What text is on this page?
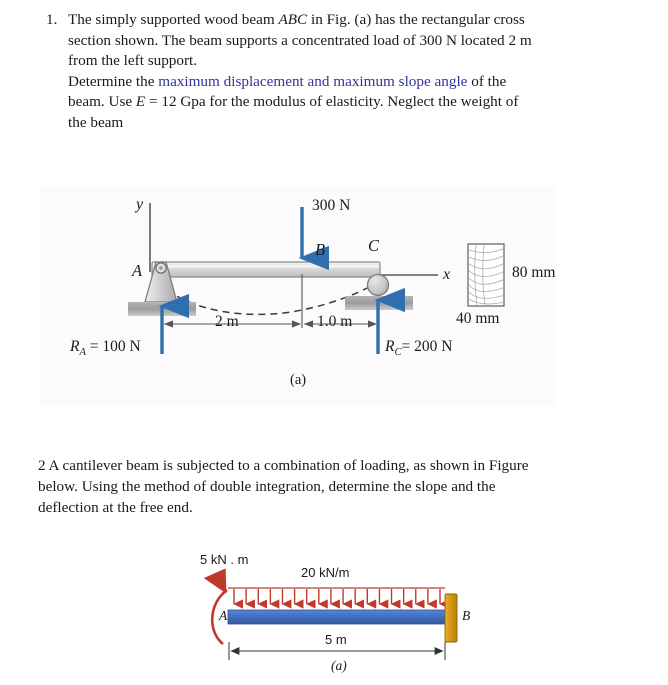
1. The simply supported wood beam ABC in Fig. (a) has the rectangular cross

section shown. The beam supports a concentrated load of 300 N located 2 m

from the left support.

Determine the maximum displacement and maximum slope angle of the

beam. Use E = 12 Gpa for the modulus of elasticity. Neglect the weight of

the beam

y
x
A
B	C
300 N
$R_A = 100$ N	$R_C= 200$ N
2 m	1.0 m
80 mm
40 mm
(a)

2 A cantilever beam is subjected to a combination of loading, as shown in Figure

below. Using the method of double integration, determine the slope and the

deflection at the free end.

5 kN . m
20 kN/m
A	B
5 m
(a)
